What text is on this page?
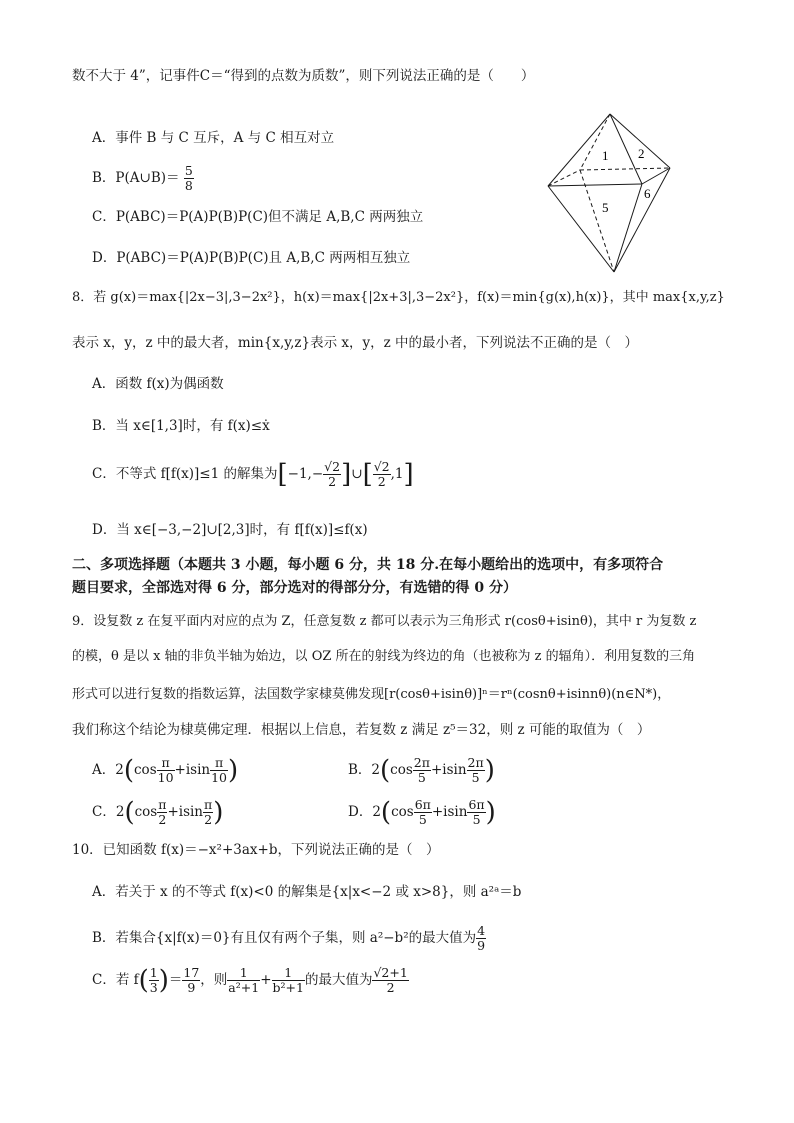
数不大于 4”，记事件C＝“得到的点数为质数”，则下列说法正确的是（　　）
A．事件 B 与 C 互斥，A 与 C 相互对立
B．P(A∪B)＝ $\frac{5}{8}$
C．P(ABC)＝P(A)P(B)P(C)但不满足 A,B,C 两两独立
D．P(ABC)＝P(A)P(B)P(C)且 A,B,C 两两相互独立
1 2
5
6
8．若 g(x)＝max{|2x−3|,3−2x²}，h(x)＝max{|2x+3|,3−2x²}，f(x)＝min{g(x),h(x)}，其中 max{x,y,z}
表示 x，y，z 中的最大者，min{x,y,z}表示 x，y，z 中的最小者，下列说法不正确的是（　）
A．函数 f(x)为偶函数
B．当 x∈[1,3]时，有 f(x)≤ẋ
C．不等式 f[f(x)]≤1 的解集为[$-1,- \frac{√2}{2}$ ]∪[ $\frac{√2}{2} ,1$]
D．当 x∈[−3,−2]∪[2,3]时，有 f[f(x)]≤f(x)
二、多项选择题（本题共 3 小题，每小题 6 分，共 18 分.在每小题给出的选项中，有多项符合
题目要求，全部选对得 6 分，部分选对的得部分分，有选错的得 0 分）
9．设复数 z 在复平面内对应的点为 Z，任意复数 z 都可以表示为三角形式 r(cosθ+isinθ)，其中 r 为复数 z
的模，θ 是以 x 轴的非负半轴为始边，以 OZ 所在的射线为终边的角（也被称为 z 的辐角）．利用复数的三角
形式可以进行复数的指数运算，法国数学家棣莫佛发现[r(cosθ+isinθ)]ⁿ＝rⁿ(cosnθ+isinnθ)(n∈N*)，
我们称这个结论为棣莫佛定理．根据以上信息，若复数 z 满足 z⁵＝32，则 z 可能的取值为（　）
A．$2(\cos \frac{\pi}{10} +isin \frac{\pi}{10}$ )	B．$2(\cos \frac{2\pi}{5} +isin \frac{2\pi}{5}$ )
C．$2(\cos \frac{\pi}{2} +isin \frac{\pi}{2}$ )	D．$2(\cos \frac{6\pi}{5} +isin \frac{6\pi}{5}$ )
10．已知函数 f(x)＝−x²+3ax+b，下列说法正确的是（　）
A．若关于 x 的不等式 f(x)<0 的解集是{x|x<−2 或 x>8}，则 a²ᵃ＝b
B．若集合{x|f(x)＝0}有且仅有两个子集，则 a²−b²的最大值为 $\frac{4}{9}$
C．若 $f( \frac{1}{3}$ )＝ $\frac{17}{9}$ ，则 $\frac{1}{\text{a²+1}} + \frac{1}{\text{b²+1}}$ 的最大值为 $\frac{√2+1}{2}$
